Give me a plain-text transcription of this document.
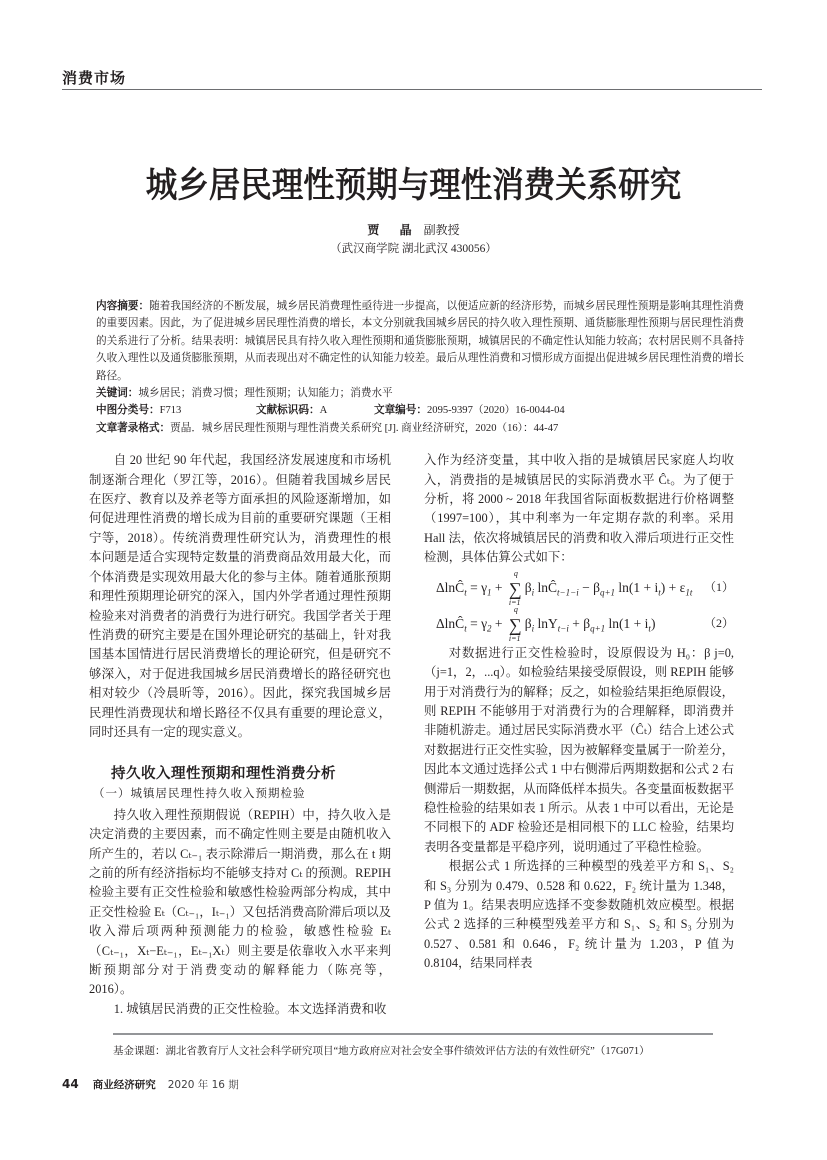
消费市场
城乡居民理性预期与理性消费关系研究
贾 晶 副教授
（武汉商学院 湖北武汉 430056）
内容摘要：随着我国经济的不断发展，城乡居民消费理性亟待进一步提高，以便适应新的经济形势，而城乡居民理性预期是影响其理性消费的重要因素。因此，为了促进城乡居民理性消费的增长，本文分别就我国城乡居民的持久收入理性预期、通货膨胀理性预期与居民理性消费的关系进行了分析。结果表明：城镇居民具有持久收入理性预期和通货膨胀预期，城镇居民的不确定性认知能力较高；农村居民则不具备持久收入理性以及通货膨胀预期，从而表现出对不确定性的认知能力较差。最后从理性消费和习惯形成方面提出促进城乡居民理性消费的增长路径。
关键词：城乡居民；消费习惯；理性预期；认知能力；消费水平
中图分类号：F713	文献标识码：A	文章编号：2095-9397（2020）16-0044-04
文章著录格式：贾晶．城乡居民理性预期与理性消费关系研究 [J]. 商业经济研究，2020（16）：44-47

自 20 世纪 90 年代起，我国经济发展速度和市场机制逐渐合理化（罗江等，2016）。但随着我国城乡居民在医疗、教育以及养老等方面承担的风险逐渐增加，如何促进理性消费的增长成为目前的重要研究课题（王相宁等，2018）。传统消费理性研究认为，消费理性的根本问题是适合实现特定数量的消费商品效用最大化，而个体消费是实现效用最大化的参与主体。随着通胀预期和理性预期理论研究的深入，国内外学者通过理性预期检验来对消费者的消费行为进行研究。我国学者关于理性消费的研究主要是在国外理论研究的基础上，针对我国基本国情进行居民消费增长的理论研究，但是研究不够深入，对于促进我国城乡居民消费增长的路径研究也相对较少（冷晨昕等，2016）。因此，探究我国城乡居民理性消费现状和增长路径不仅具有重要的理论意义，同时还具有一定的现实意义。

持久收入理性预期和理性消费分析
（一）城镇居民理性持久收入预期检验

持久收入理性预期假说（REPIH）中，持久收入是决定消费的主要因素，而不确定性则主要是由随机收入所产生的，若以 Cₜ₋₁ 表示除滞后一期消费，那么在 t 期之前的所有经济指标均不能够支持对 Cₜ 的预测。REPIH 检验主要有正交性检验和敏感性检验两部分构成，其中正交性检验 Eₜ（Cₜ₋₁，Iₜ₋₁）又包括消费高阶滞后项以及收入滞后项两种预测能力的检验，敏感性检验 Eₜ（Cₜ₋₁，Xₜ−Eₜ₋₁，Eₜ₋₁Xₜ）则主要是依靠收入水平来判断预期部分对于消费变动的解释能力（陈亮等，2016）。

1. 城镇居民消费的正交性检验。本文选择消费和收

入作为经济变量，其中收入指的是城镇居民家庭人均收入，消费指的是城镇居民的实际消费水平 Ĉₜ。为了便于分析，将 2000 ~ 2018 年我国省际面板数据进行价格调整（1997=100），其中利率为一年定期存款的利率。采用 Hall 法，依次将城镇居民的消费和收入滞后项进行正交性检测，具体估算公式如下：

ΔlnĈ$_t$ = $\gamma_1$ + ∑
q
i=1
$\beta_i$ lnĈ$_{t-1-i}$ − $\beta_{q+1}$ $\ln(1 + i_t) + \varepsilon_{1t}$ （1）
ΔlnĈ$_t$ = $\gamma_2$ + ∑
q
i=1
$\beta_i$ $\ln Y_{t-i} + \beta_{q+1}$ $\ln(1 + i_t)$	（2）

对数据进行正交性检验时，设原假设为 H₀：β j=0,（j=1，2，...q）。如检验结果接受原假设，则 REPIH 能够用于对消费行为的解释；反之，如检验结果拒绝原假设，则 REPIH 不能够用于对消费行为的合理解释，即消费并非随机游走。通过居民实际消费水平（Ĉₜ）结合上述公式对数据进行正交性实验，因为被解释变量属于一阶差分，因此本文通过选择公式 1 中右侧滞后两期数据和公式 2 右侧滞后一期数据，从而降低样本损失。各变量面板数据平稳性检验的结果如表 1 所示。从表 1 中可以看出，无论是不同根下的 ADF 检验还是相同根下的 LLC 检验，结果均表明各变量都是平稳序列，说明通过了平稳性检验。

根据公式 1 所选择的三种模型的残差平方和 S₁、S₂ 和 S₃ 分别为 0.479、0.528 和 0.622，F₂ 统计量为 1.348，P 值为 1。结果表明应选择不变参数随机效应模型。根据公式 2 选择的三种模型残差平方和 S₁、S₂ 和 S₃ 分别为 0.527、0.581 和 0.646，F₂ 统计量为 1.203，P 值为 0.8104，结果同样表

基金课题：湖北省教育厅人文社会科学研究项目“地方政府应对社会安全事件绩效评估方法的有效性研究”（17G071）
44 商业经济研究 2020 年 16 期
